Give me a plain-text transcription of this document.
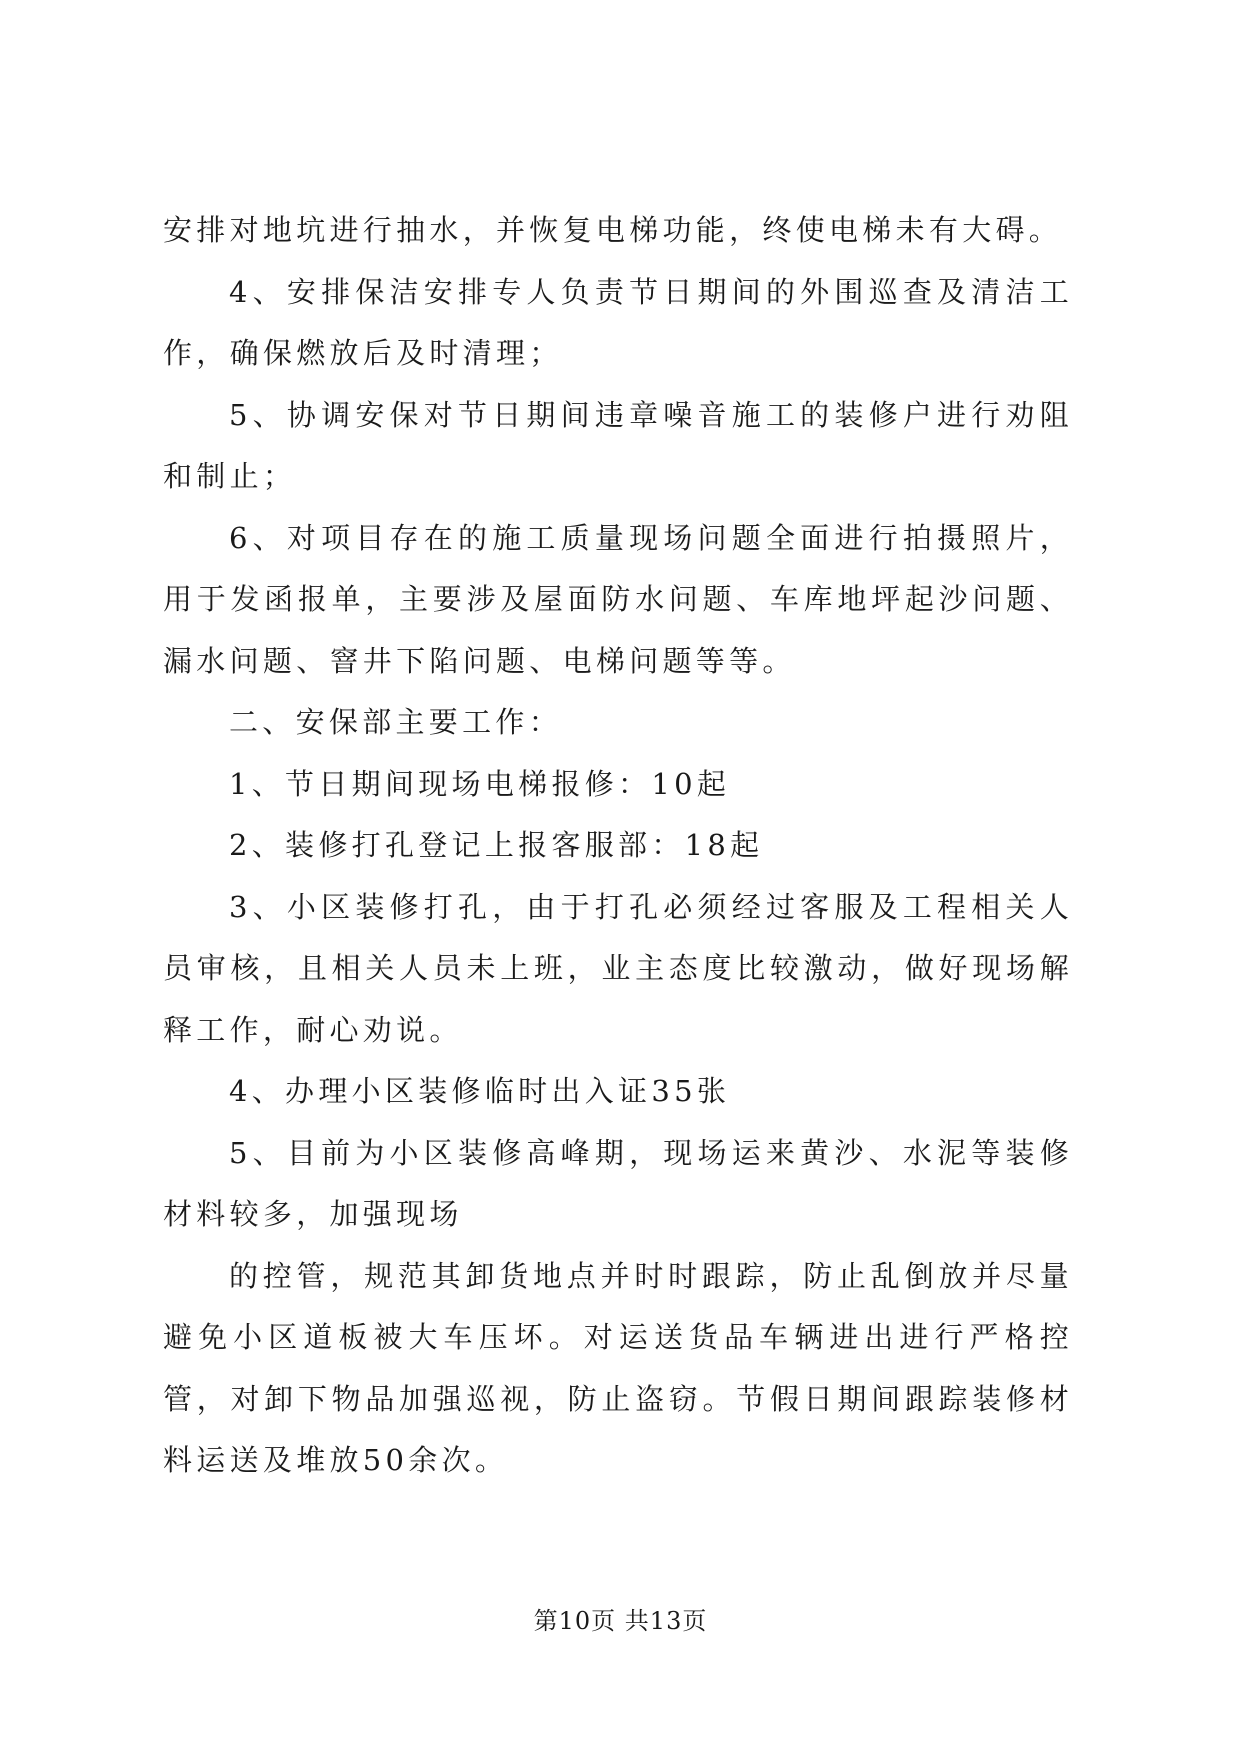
安排对地坑进行抽水，并恢复电梯功能，终使电梯未有大碍。

4、安排保洁安排专人负责节日期间的外围巡查及清洁工作，确保燃放后及时清理；

5、协调安保对节日期间违章噪音施工的装修户进行劝阻和制止；

6、对项目存在的施工质量现场问题全面进行拍摄照片，用于发函报单，主要涉及屋面防水问题、车库地坪起沙问题、漏水问题、窨井下陷问题、电梯问题等等。

二、安保部主要工作：

1、节日期间现场电梯报修：10起

2、装修打孔登记上报客服部：18起

3、小区装修打孔，由于打孔必须经过客服及工程相关人员审核，且相关人员未上班，业主态度比较激动，做好现场解释工作，耐心劝说。

4、办理小区装修临时出入证35张

5、目前为小区装修高峰期，现场运来黄沙、水泥等装修材料较多，加强现场

的控管，规范其卸货地点并时时跟踪，防止乱倒放并尽量避免小区道板被大车压坏。对运送货品车辆进出进行严格控管，对卸下物品加强巡视，防止盗窃。节假日期间跟踪装修材料运送及堆放50余次。

第10页 共13页
